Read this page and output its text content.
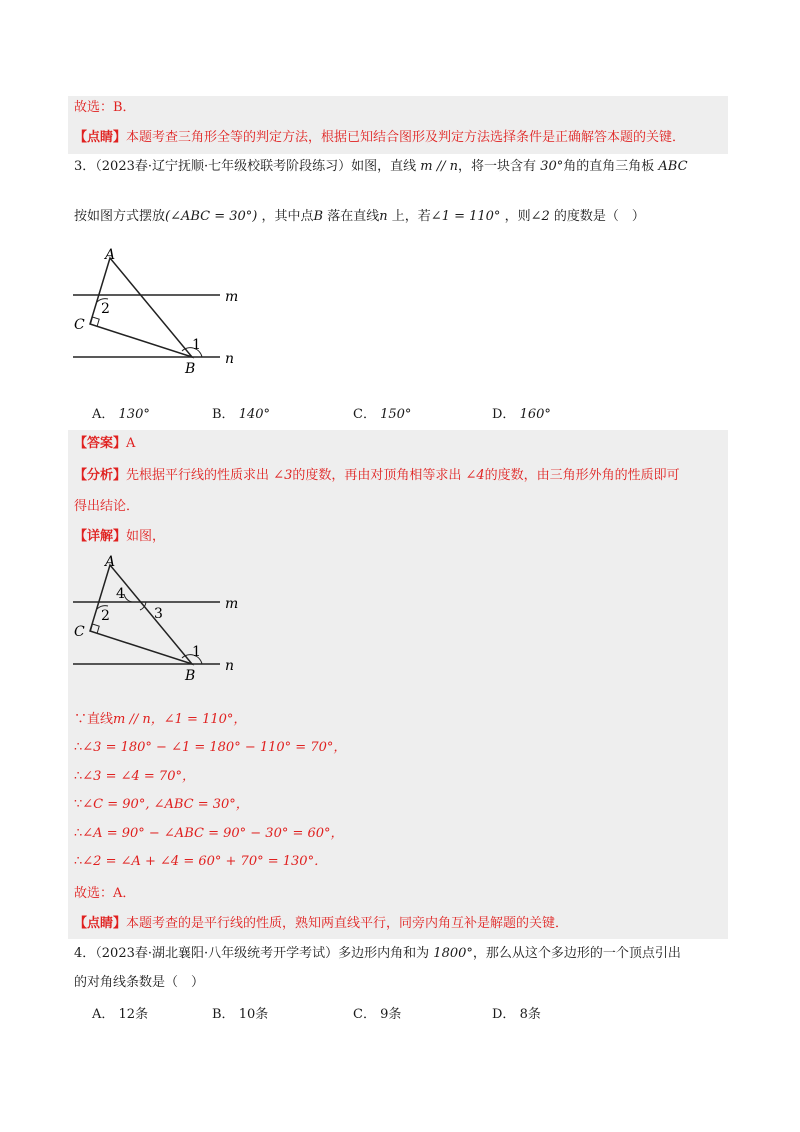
故选：B．
【点睛】本题考查三角形全等的判定方法，根据已知结合图形及判定方法选择条件是正确解答本题的关键．
3．（2023春·辽宁抚顺·七年级校联考阶段练习）如图，直线 m // n，将一块含有 30°角的直角三角板 ABC
按如图方式摆放(∠ABC = 30°) ，其中点B 落在直线n 上，若∠1 = 110° ，则∠2 的度数是（　）
A
C
B
m
n
1
2
A． 130°	B． 140°	C． 150°	D． 160°
【答案】A
【分析】先根据平行线的性质求出 ∠3的度数，再由对顶角相等求出 ∠4的度数，由三角形外角的性质即可
得出结论．
【详解】如图，
A
C
B
m
n
1
2	3
4
∵直线m // n，∠1 = 110°，
∴∠3 = 180° − ∠1 = 180° − 110° = 70°，
∴∠3 = ∠4 = 70°，
∵∠C = 90°, ∠ABC = 30°，
∴∠A = 90° − ∠ABC = 90° − 30° = 60°，
∴∠2 = ∠A + ∠4 = 60° + 70° = 130°．
故选：A．
【点睛】本题考查的是平行线的性质，熟知两直线平行，同旁内角互补是解题的关键．
4．（2023春·湖北襄阳·八年级统考开学考试）多边形内角和为 1800°，那么从这个多边形的一个顶点引出
的对角线条数是（　）
A． 12条	B． 10条	C． 9条	D． 8条
